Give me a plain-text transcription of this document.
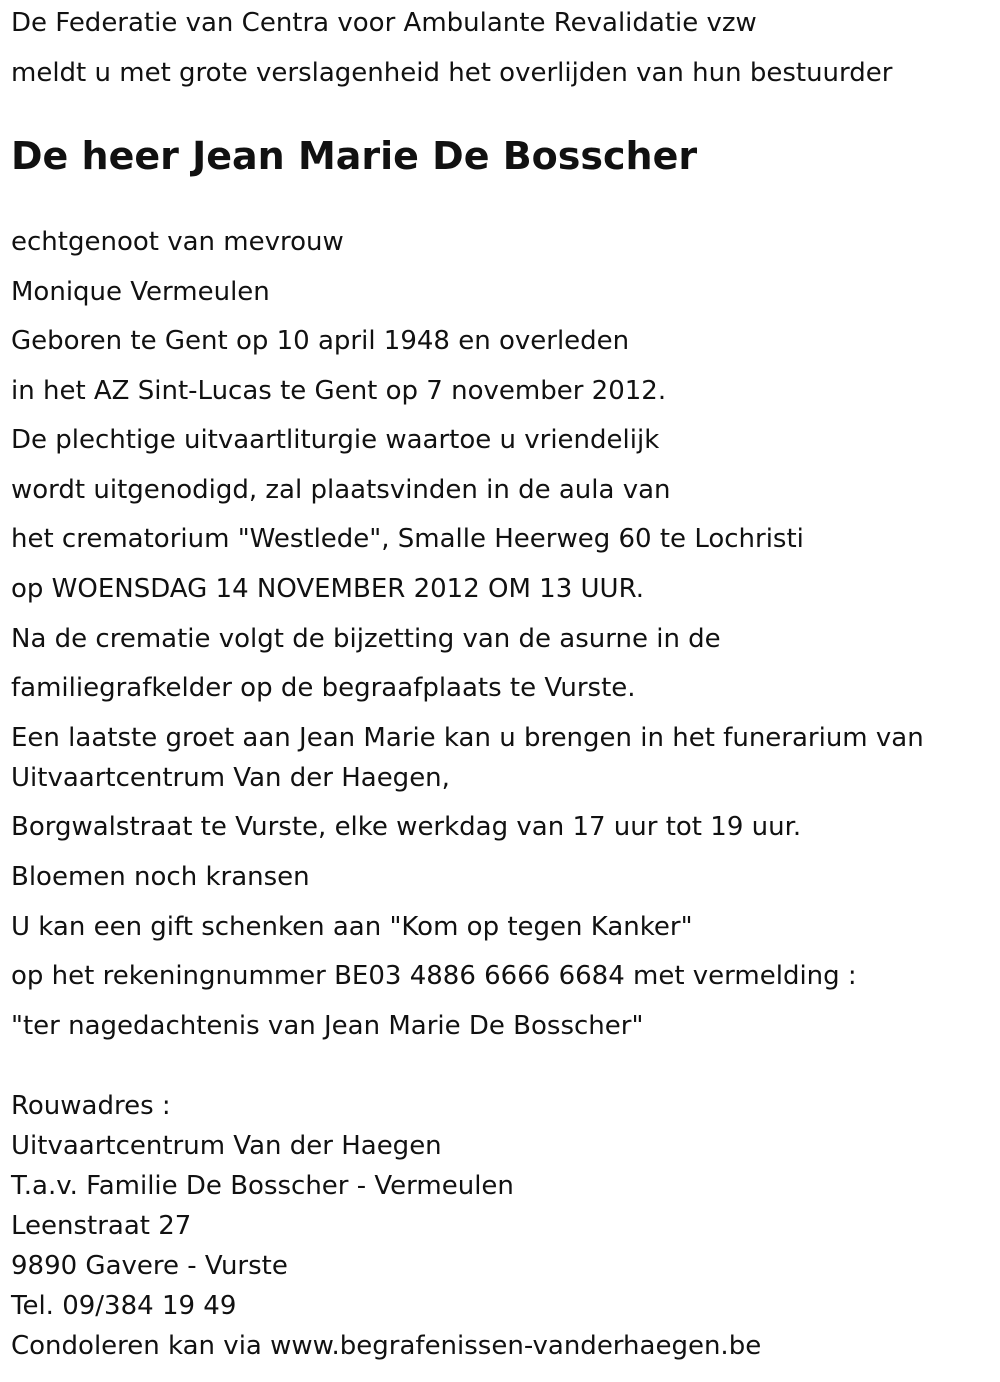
De Federatie van Centra voor Ambulante Revalidatie vzw
meldt u met grote verslagenheid het overlijden van hun bestuurder
De heer Jean Marie De Bosscher
echtgenoot van mevrouw
Monique Vermeulen
Geboren te Gent op 10 april 1948 en overleden
in het AZ Sint-Lucas te Gent op 7 november 2012.
De plechtige uitvaartliturgie waartoe u vriendelijk
wordt uitgenodigd, zal plaatsvinden in de aula van
het crematorium "Westlede", Smalle Heerweg 60 te Lochristi
op WOENSDAG 14 NOVEMBER 2012 OM 13 UUR.
Na de crematie volgt de bijzetting van de asurne in de
familiegrafkelder op de begraafplaats te Vurste.
Een laatste groet aan Jean Marie kan u brengen in het funerarium van
Uitvaartcentrum Van der Haegen,
Borgwalstraat te Vurste, elke werkdag van 17 uur tot 19 uur.
Bloemen noch kransen
U kan een gift schenken aan "Kom op tegen Kanker"
op het rekeningnummer BE03 4886 6666 6684 met vermelding :
"ter nagedachtenis van Jean Marie De Bosscher"
Rouwadres :
Uitvaartcentrum Van der Haegen
T.a.v. Familie De Bosscher - Vermeulen
Leenstraat 27
9890 Gavere - Vurste
Tel. 09/384 19 49
Condoleren kan via www.begrafenissen-vanderhaegen.be
